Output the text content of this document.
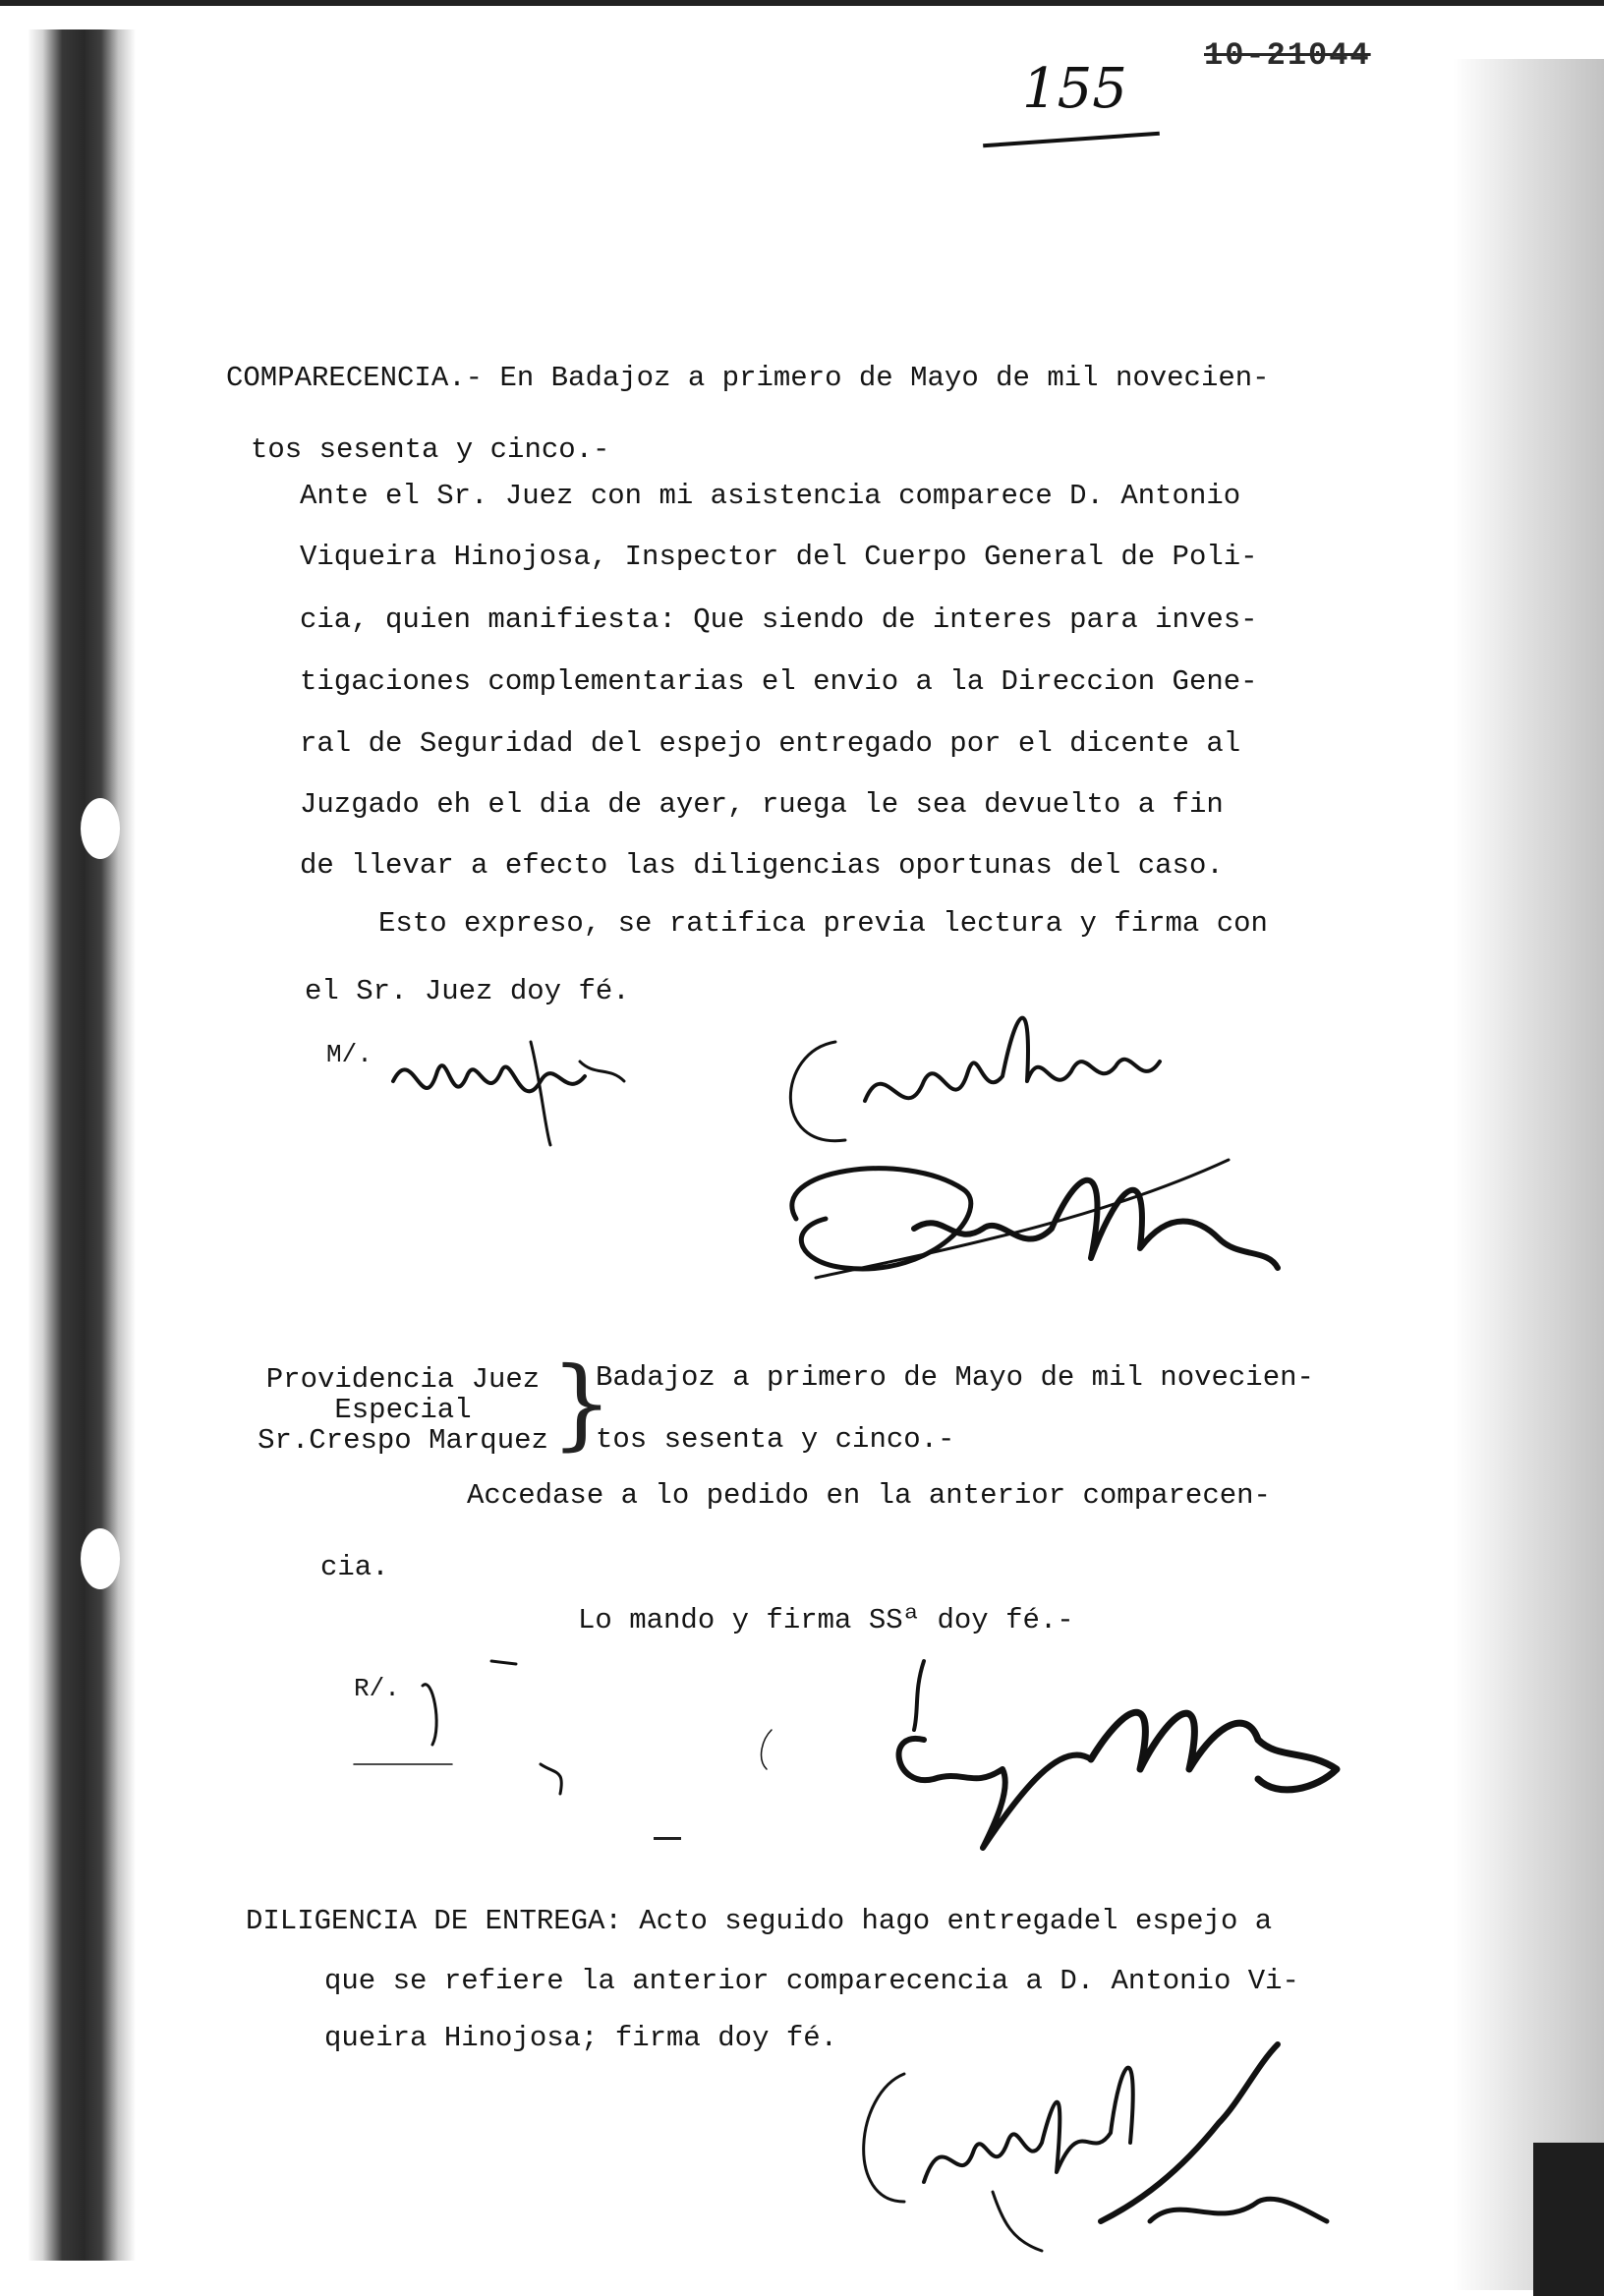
155
10-21044
COMPARECENCIA.- En Badajoz a primero de Mayo de mil novecien-
tos sesenta y cinco.-
Ante el Sr. Juez con mi asistencia comparece D. Antonio
Viqueira Hinojosa, Inspector del Cuerpo General de Poli-
cia, quien manifiesta: Que siendo de interes para inves-
tigaciones complementarias el envio a la Direccion Gene-
ral de Seguridad del espejo entregado por el dicente al
Juzgado eh el dia de ayer, ruega le sea devuelto a fin
de llevar a efecto las diligencias oportunas del caso.
Esto expreso, se ratifica previa lectura y firma con
el Sr. Juez doy fé.
M/.
Providencia Juez
Especial
Sr.Crespo Marquez }
Badajoz a primero de Mayo de mil novecien-
tos sesenta y cinco.-
Accedase a lo pedido en la anterior comparecen-
cia.
Lo mando y firma SSª doy fé.-
R/.
DILIGENCIA DE ENTREGA: Acto seguido hago entregadel espejo a
que se refiere la anterior comparecencia a D. Antonio Vi-
queira Hinojosa; firma doy fé.
